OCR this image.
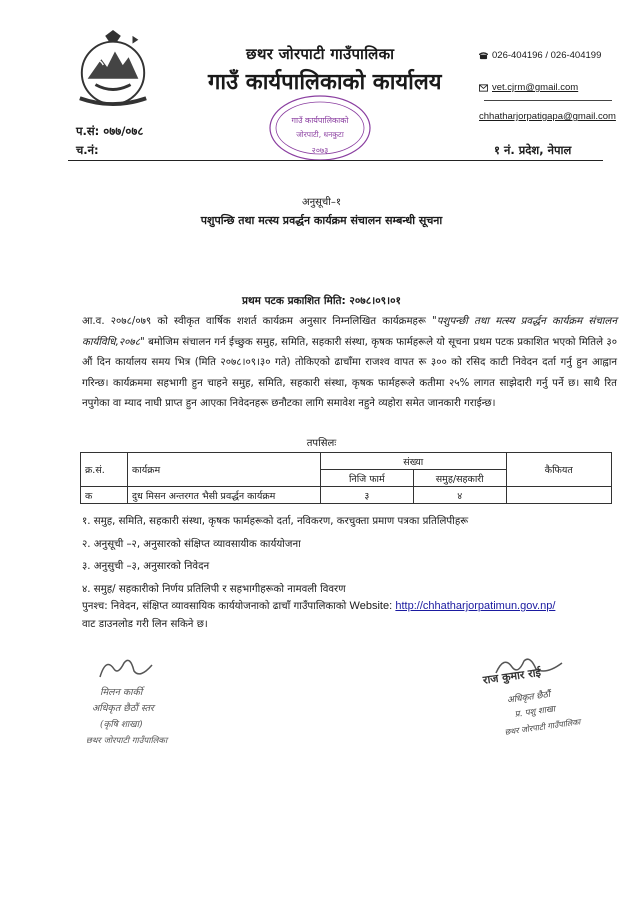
छथर जोरपाटी गाउँपालिका
गाउँ कार्यपालिकाको कार्यालय
026-404196 / 026-404199
vet.cjrm@gmail.com
chhatharjorpatigapa@gmail.com
गाउँ कार्यपालिकाको
जोरपाटी, धनकुटा
२०७३
प.सं: ०७७/०७८
च.नं:	१ नं. प्रदेश, नेपाल
अनुसूची–१
पशुपन्छि तथा मत्स्य प्रवर्द्धन कार्यक्रम संचालन सम्बन्धी सूचना
प्रथम पटक प्रकाशित मिति: २०७८।०९।०१
आ.व. २०७८/०७९ को स्वीकृत वार्षिक शशर्त कार्यक्रम अनुसार निम्नलिखित कार्यक्रमहरू "पशुपन्छी तथा मत्स्य प्रवर्द्धन कार्यक्रम संचालन कार्यविधि,२०७८" बमोजिम संचालन गर्न ईच्छुक समुह, समिति, सहकारी संस्था, कृषक फार्महरूले यो सूचना प्रथम पटक प्रकाशित भएको मितिले ३० औं दिन कार्यालय समय भित्र (मिति २०७८।०९।३० गते) तोकिएको ढाचाँमा राजश्व वापत रू ३०० को रसिद काटी निवेदन दर्ता गर्नु हुन आह्वान गरिन्छ। कार्यक्रममा सहभागी हुन चाहने समुह, समिति, सहकारी संस्था, कृषक फार्महरूले कतीमा २५% लागत साझेदारी गर्नु पर्ने छ। साथै रित नपुगेका वा म्याद नाघी प्राप्त हुन आएका निवेदनहरू छनौटका लागि समावेश नहुने व्यहोरा समेत जानकारी गराईन्छ।
तपसिलः
क्र.सं.	कार्यक्रम	संख्या		कैफियत
		निजि फार्म	समुह/सहकारी	
क	दुध मिसन अन्तरगत भैसी प्रवर्द्धन कार्यक्रम	३	४	
१. समुह, समिति, सहकारी संस्था, कृषक फार्महरूको दर्ता, नविकरण, करचुक्ता प्रमाण पत्रका प्रतिलिपीहरू
२. अनुसूची –२, अनुसारको संक्षिप्त व्यावसायीक कार्ययोजना
३. अनुसुची –३, अनुसारको निवेदन
४. समुह/ सहकारीको निर्णय प्रतिलिपी र सहभागीहरूको नामवली विवरण
पुनश्च: निवेदन, संक्षिप्त व्यावसायिक कार्ययोजनाको ढाचाँ गाउँपालिकाको Website: http://chhatharjorpatimun.gov.np/
वाट डाउनलोड गरी लिन सकिने छ।
मिलन कार्की
अधिकृत छैठौं स्तर
(कृषि शाखा)
छथर जोरपाटी गाउँपालिका
राज कुमार राई
अधिकृत छैठौं
प्र. पशु शाखा
छथर जोरपाटी गाउँपालिका
